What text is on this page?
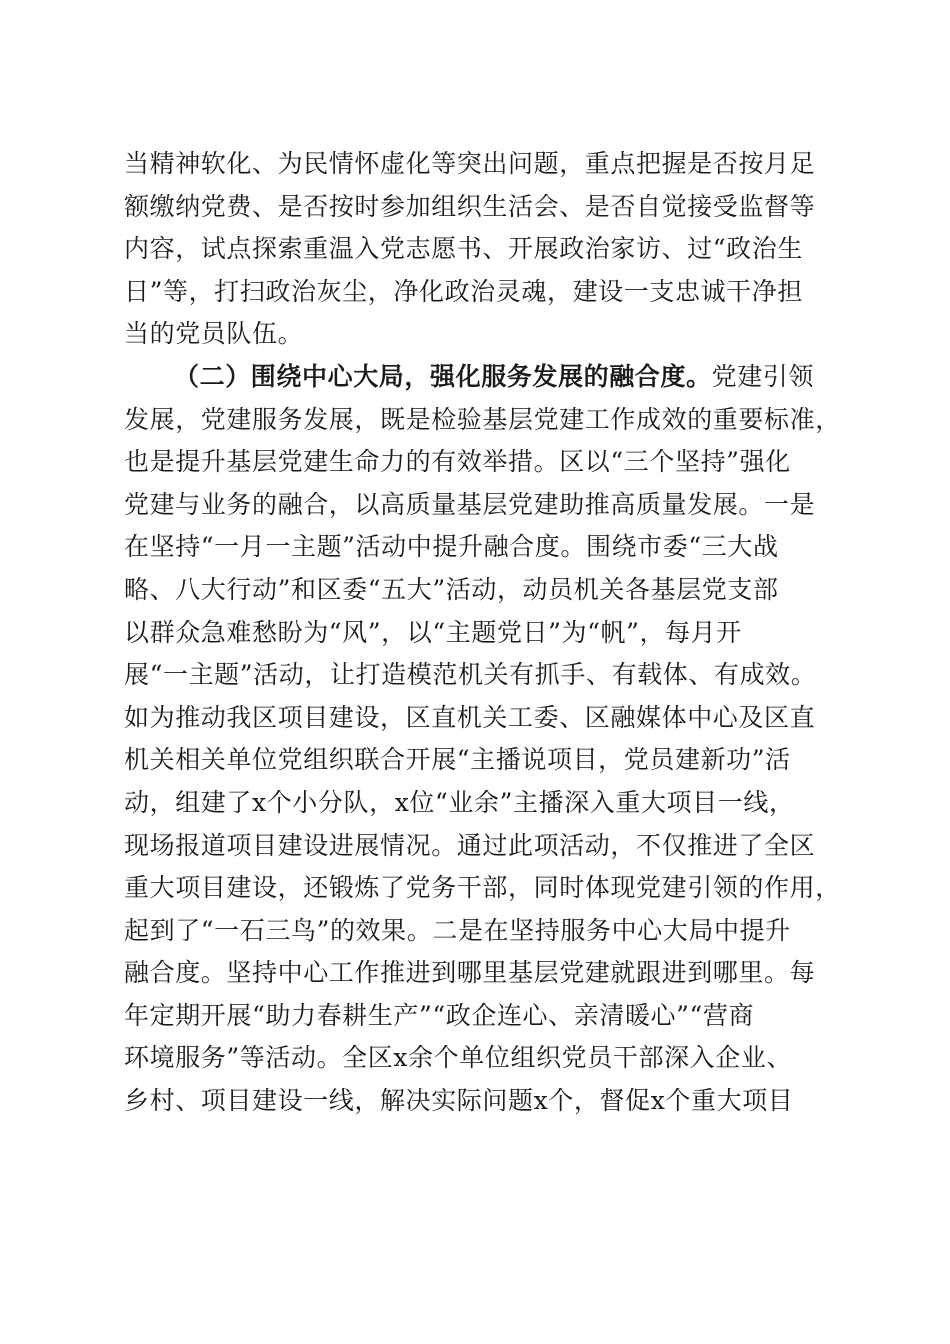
当精神软化、为民情怀虚化等突出问题，重点把握是否按月足
额缴纳党费、是否按时参加组织生活会、是否自觉接受监督等
内容，试点探索重温入党志愿书、开展政治家访、过“政治生
日”等，打扫政治灰尘，净化政治灵魂，建设一支忠诚干净担
当的党员队伍。
（二）围绕中心大局，强化服务发展的融合度。党建引领
发展，党建服务发展，既是检验基层党建工作成效的重要标准，
也是提升基层党建生命力的有效举措。区以“三个坚持”强化
党建与业务的融合，以高质量基层党建助推高质量发展。一是
在坚持“一月一主题”活动中提升融合度。围绕市委“三大战
略、八大行动”和区委“五大”活动，动员机关各基层党支部
以群众急难愁盼为“风”，以“主题党日”为“帆”，每月开
展“一主题”活动，让打造模范机关有抓手、有载体、有成效。
如为推动我区项目建设，区直机关工委、区融媒体中心及区直
机关相关单位党组织联合开展“主播说项目，党员建新功”活
动，组建了x个小分队，x位“业余”主播深入重大项目一线，
现场报道项目建设进展情况。通过此项活动，不仅推进了全区
重大项目建设，还锻炼了党务干部，同时体现党建引领的作用，
起到了“一石三鸟”的效果。二是在坚持服务中心大局中提升
融合度。坚持中心工作推进到哪里基层党建就跟进到哪里。每
年定期开展“助力春耕生产”“政企连心、亲清暖心”“营商
环境服务”等活动。全区x余个单位组织党员干部深入企业、
乡村、项目建设一线，解决实际问题x个，督促x个重大项目
